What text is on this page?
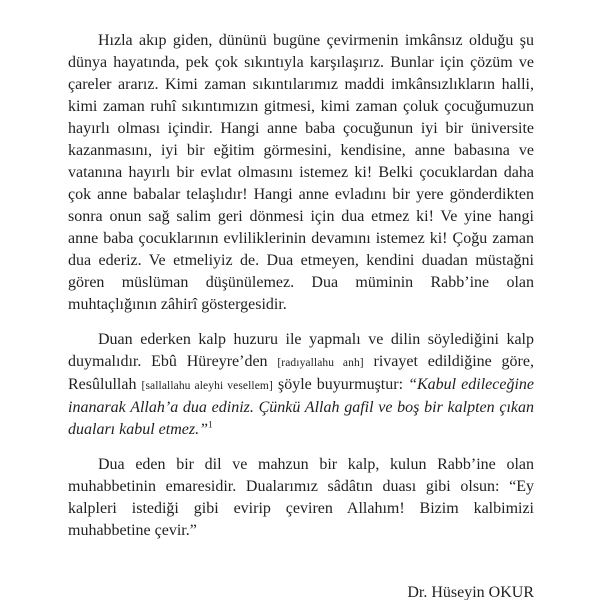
Hızla akıp giden, dününü bugüne çevirmenin imkânsız olduğu şu dünya hayatında, pek çok sıkıntıyla karşılaşırız. Bunlar için çözüm ve çareler ararız. Kimi zaman sıkıntılarımız maddi imkânsızlıkların halli, kimi zaman ruhî sıkıntımızın gitmesi, kimi zaman çoluk çocuğumuzun hayırlı olması içindir. Hangi anne baba çocuğunun iyi bir üniversite kazanmasını, iyi bir eğitim görmesini, kendisine, anne babasına ve vatanına hayırlı bir evlat olmasını istemez ki! Belki çocuklardan daha çok anne babalar telaşlıdır! Hangi anne evladını bir yere gönderdikten sonra onun sağ salim geri dönmesi için dua etmez ki! Ve yine hangi anne baba çocuklarının evliliklerinin devamını istemez ki! Çoğu zaman dua ederiz. Ve etmeliyiz de. Dua etmeyen, kendini duadan müstağni gören müslüman düşünülemez. Dua müminin Rabb’ine olan muhtaçlığının zâhirî göstergesidir.

Duan ederken kalp huzuru ile yapmalı ve dilin söylediğini kalp duymalıdır. Ebû Hüreyre’den [radıyallahu anh] rivayet edildiğine göre, Resûlullah [sallallahu aleyhi vesellem] şöyle buyurmuştur: “Kabul edileceğine inanarak Allah’a dua ediniz. Çünkü Allah gafil ve boş bir kalpten çıkan duaları kabul etmez.”$^1$

Dua eden bir dil ve mahzun bir kalp, kulun Rabb’ine olan muhabbetinin emaresidir. Dualarımız sâdâtın duası gibi olsun: “Ey kalpleri istediği gibi evirip çeviren Allahım! Bizim kalbimizi muhabbetine çevir.”

Dr. Hüseyin OKUR
